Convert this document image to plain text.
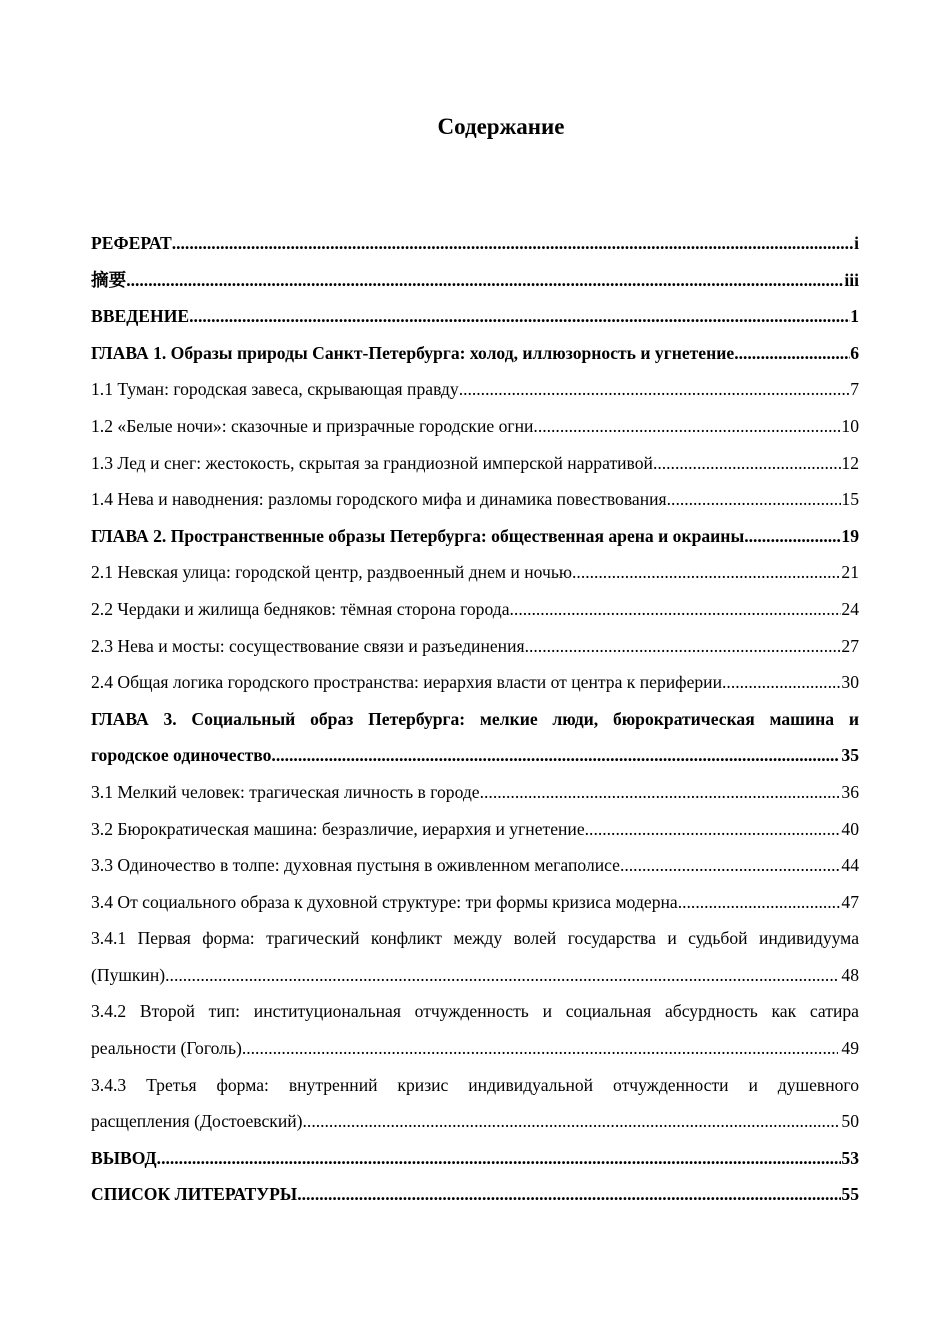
Содержание
РЕФЕРАТ .....	i
摘要 .....	iii
ВВЕДЕНИЕ .....	1
ГЛАВА 1. Образы природы Санкт-Петербурга: холод, иллюзорность и угнетение .....	6
1.1 Туман: городская завеса, скрывающая правду .....	7
1.2 «Белые ночи»: сказочные и призрачные городские огни .....	10
1.3 Лед и снег: жестокость, скрытая за грандиозной имперской нарративой .....	12
1.4 Нева и наводнения: разломы городского мифа и динамика повествования .....	15
ГЛАВА 2. Пространственные образы Петербурга: общественная арена и окраины .....	19
2.1 Невская улица: городской центр, раздвоенный днем и ночью .....	21
2.2 Чердаки и жилища бедняков: тёмная сторона города .....	24
2.3 Нева и мосты: сосуществование связи и разъединения .....	27
2.4 Общая логика городского пространства: иерархия власти от центра к периферии .....	30
ГЛАВА 3. Социальный образ Петербурга: мелкие люди, бюрократическая машина и
городское одиночество .....	35
3.1 Мелкий человек: трагическая личность в городе .....	36
3.2 Бюрократическая машина: безразличие, иерархия и угнетение .....	40
3.3 Одиночество в толпе: духовная пустыня в оживленном мегаполисе .....	44
3.4 От социального образа к духовной структуре: три формы кризиса модерна .....	47
3.4.1 Первая форма: трагический конфликт между волей государства и судьбой индивидуума
(Пушкин) .....	48
3.4.2 Второй тип: институциональная отчужденность и социальная абсурдность как сатира
реальности (Гоголь) .....	49
3.4.3 Третья форма: внутренний кризис индивидуальной отчужденности и душевного
расщепления (Достоевский) .....	50
ВЫВОД .....	53
СПИСОК ЛИТЕРАТУРЫ .....	55
